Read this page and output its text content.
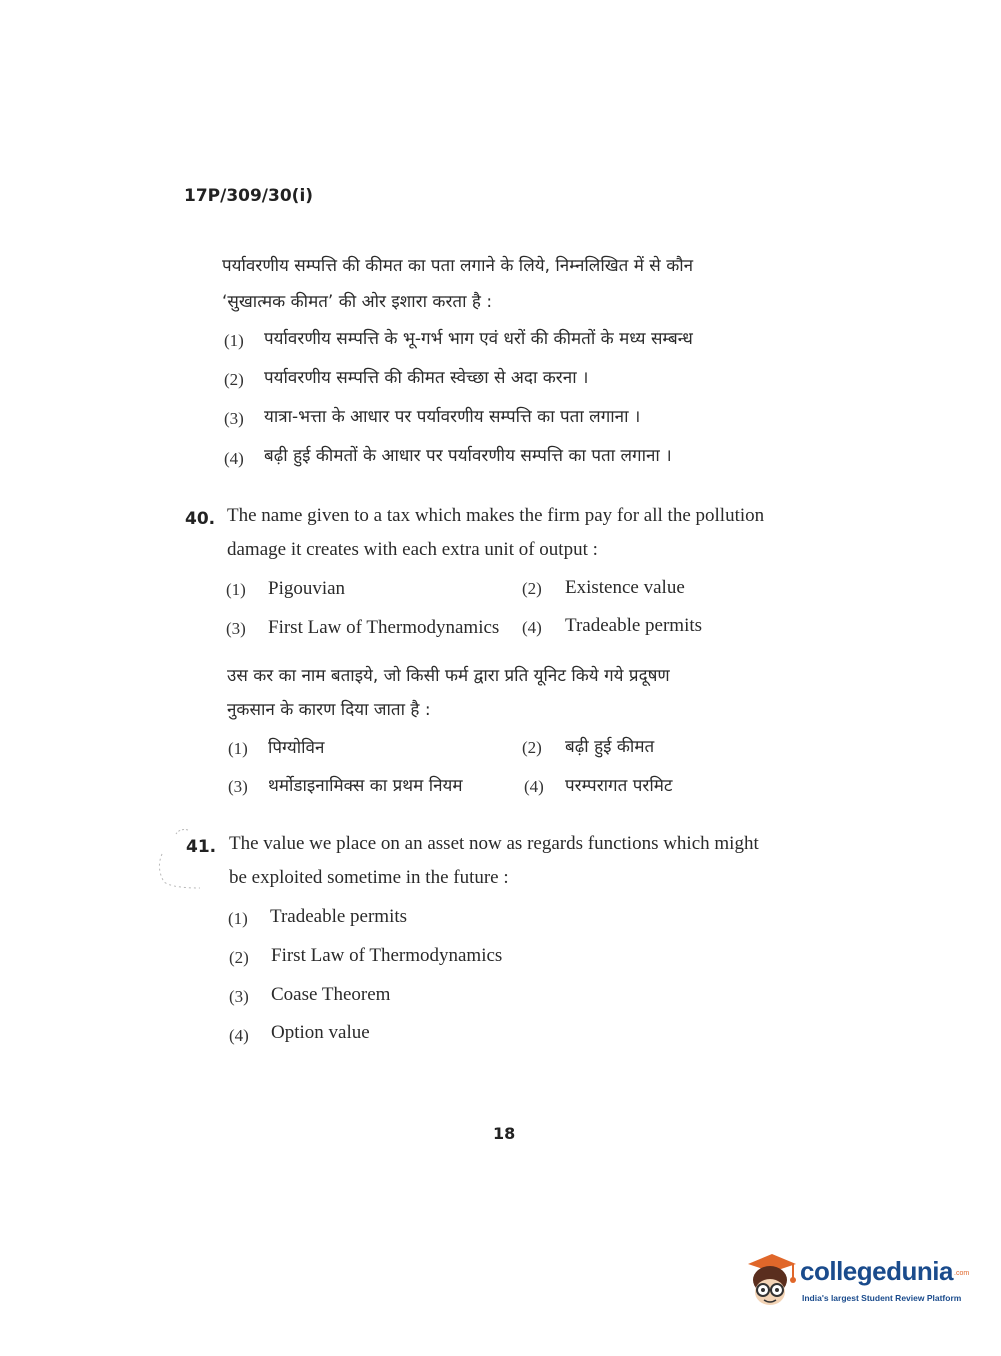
17P/309/30(i)
पर्यावरणीय सम्पत्ति की कीमत का पता लगाने के लिये, निम्नलिखित में से कौन
‘सुखात्मक कीमत’ की ओर इशारा करता है :
(1) पर्यावरणीय सम्पत्ति के भू-गर्भ भाग एवं धरों की कीमतों के मध्य सम्बन्ध
(2) पर्यावरणीय सम्पत्ति की कीमत स्वेच्छा से अदा करना ।
(3) यात्रा-भत्ता के आधार पर पर्यावरणीय सम्पत्ति का पता लगाना ।
(4) बढ़ी हुई कीमतों के आधार पर पर्यावरणीय सम्पत्ति का पता लगाना ।
40. The name given to a tax which makes the firm pay for all the pollution
damage it creates with each extra unit of output :
(1) Pigouvian	(2) Existence value
(3) First Law of Thermodynamics (4) Tradeable permits
उस कर का नाम बताइये, जो किसी फर्म द्वारा प्रति यूनिट किये गये प्रदूषण
नुकसान के कारण दिया जाता है :
(1) पिग्योविन	(2) बढ़ी हुई कीमत
(3) थर्मोडाइनामिक्स का प्रथम नियम	(4) परम्परागत परमिट
41. The value we place on an asset now as regards functions which might
be exploited sometime in the future :
(1) Tradeable permits
(2) First Law of Thermodynamics
(3) Coase Theorem
(4) Option value
18
collegedunia .com
India's largest Student Review Platform
